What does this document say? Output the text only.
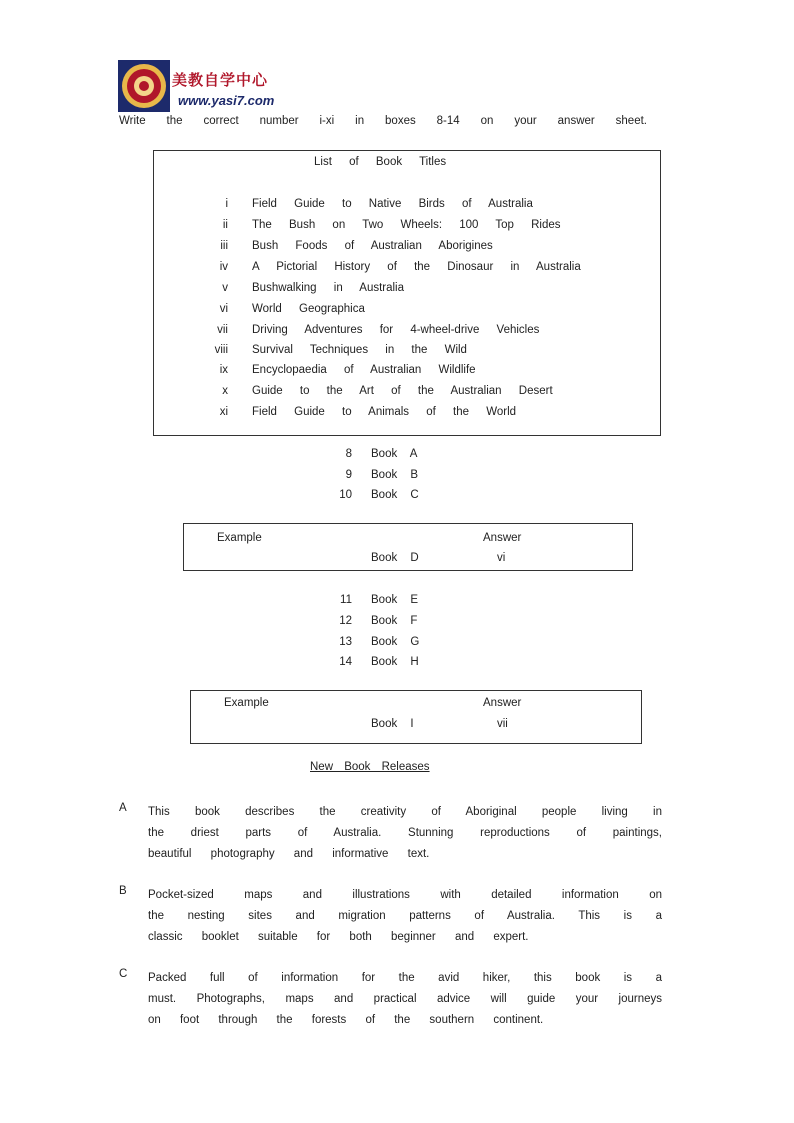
美教自学中心
www.yasi7.com
Write the correct number i-xi in boxes 8-14 on your answer sheet.
List of Book Titles
i Field Guide to Native Birds of Australia
ii The Bush on Two Wheels: 100 Top Rides
iii Bush Foods of Australian Aborigines
iv A Pictorial History of the Dinosaur in Australia
v Bushwalking in Australia
vi World Geographica
vii Driving Adventures for 4-wheel-drive Vehicles
viii Survival Techniques in the Wild
ix Encyclopaedia of Australian Wildlife
x Guide to the Art of the Australian Desert
xi Field Guide to Animals of the World
8 Book A
9 Book B
10 Book C
Example	Answer
Book D	vi
11 Book E
12 Book F
13 Book G
14 Book H
Example	Answer
Book I	vii
New Book Releases
A This book describes the creativity of Aboriginal people living in
the driest parts of Australia. Stunning reproductions of paintings,
beautiful photography and informative text.
B Pocket-sized maps and illustrations with detailed information on
the nesting sites and migration patterns of Australia. This is a
classic booklet suitable for both beginner and expert.
C Packed full of information for the avid hiker, this book is a
must. Photographs, maps and practical advice will guide your journeys
on foot through the forests of the southern continent.
